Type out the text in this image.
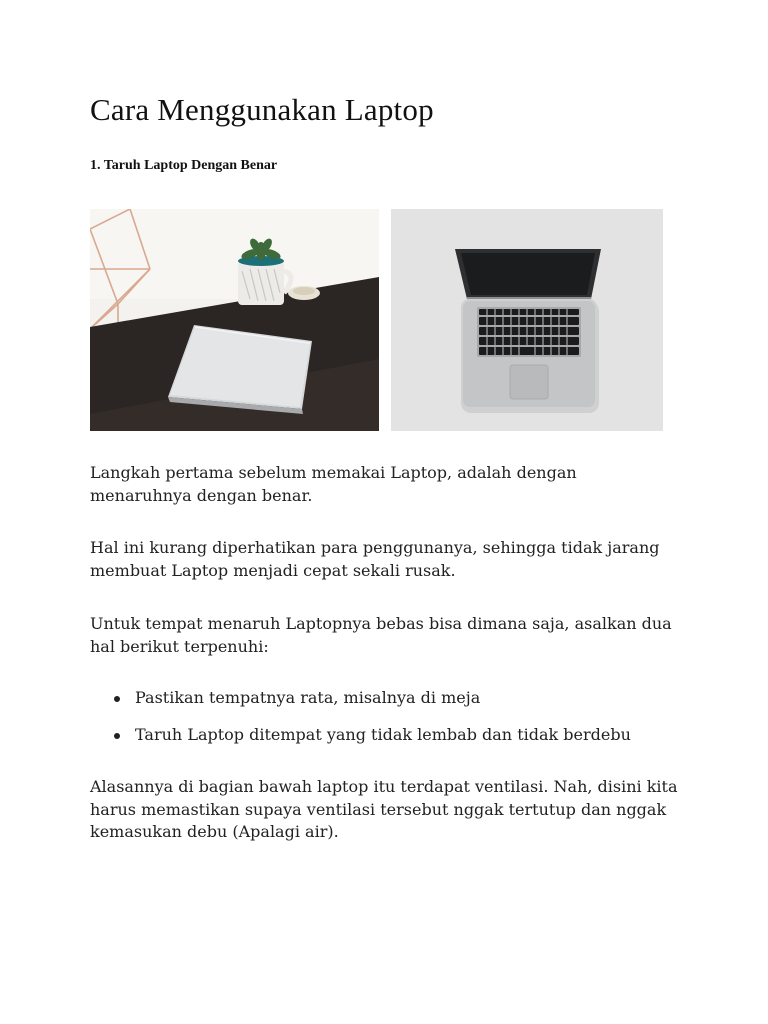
Cara Menggunakan Laptop
1. Taruh Laptop Dengan Benar

Langkah pertama sebelum memakai Laptop, adalah dengan menaruhnya dengan benar.

Hal ini kurang diperhatikan para penggunanya, sehingga tidak jarang membuat Laptop menjadi cepat sekali rusak.

Untuk tempat menaruh Laptopnya bebas bisa dimana saja, asalkan dua hal berikut terpenuhi:

Pastikan tempatnya rata, misalnya di meja
Taruh Laptop ditempat yang tidak lembab dan tidak berdebu

Alasannya di bagian bawah laptop itu terdapat ventilasi. Nah, disini kita harus memastikan supaya ventilasi tersebut nggak tertutup dan nggak kemasukan debu (Apalagi air).
